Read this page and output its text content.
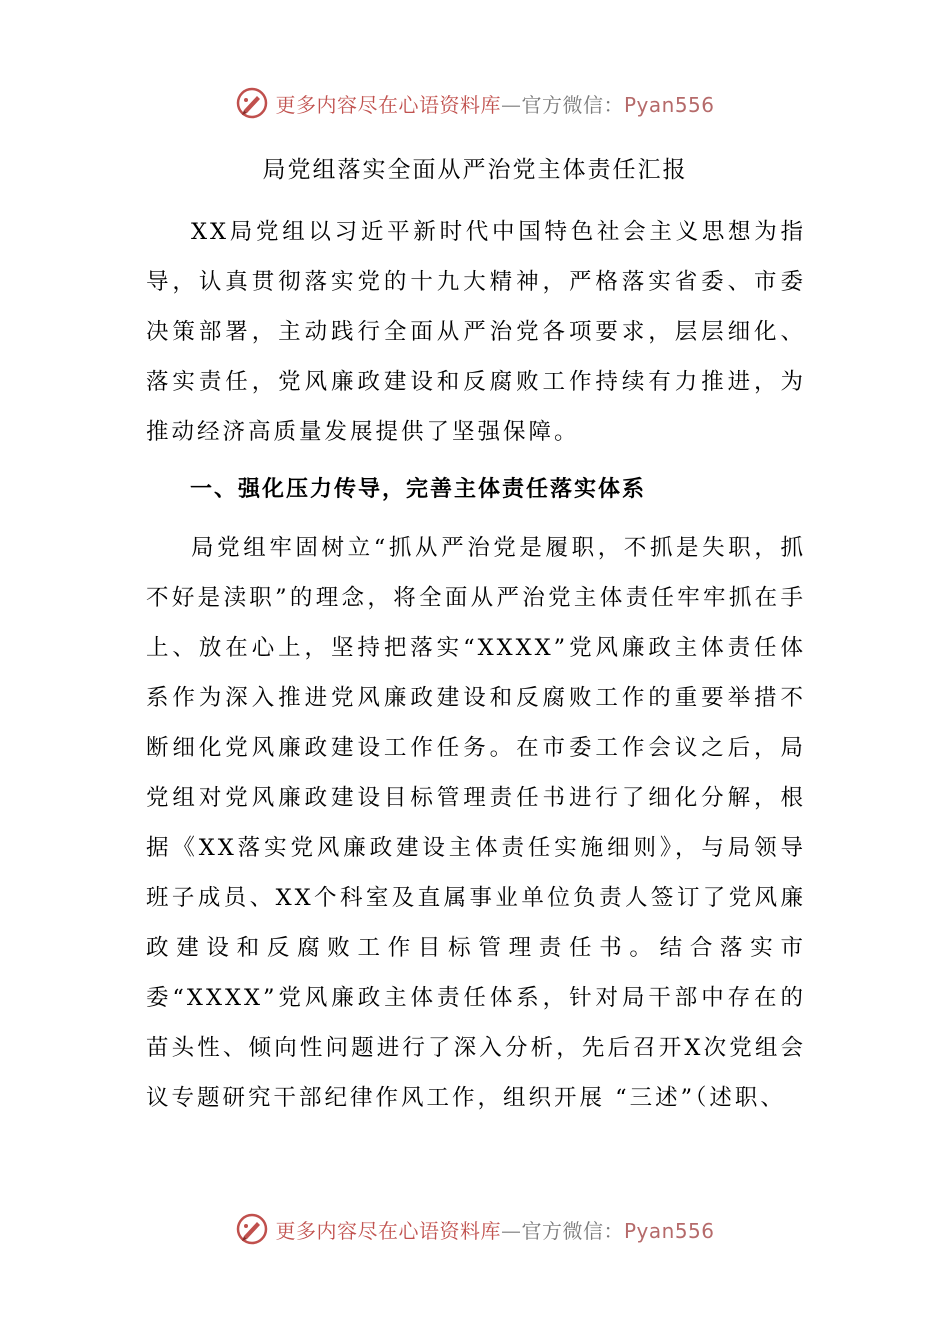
更多内容尽在心语资料库—官方微信：Pyan556
局党组落实全面从严治党主体责任汇报

XX局党组以习近平新时代中国特色社会主义思想为指导，认真贯彻落实党的十九大精神，严格落实省委、市委决策部署，主动践行全面从严治党各项要求，层层细化、落实责任，党风廉政建设和反腐败工作持续有力推进，为推动经济高质量发展提供了坚强保障。

一、强化压力传导，完善主体责任落实体系

局党组牢固树立“抓从严治党是履职，不抓是失职，抓不好是渎职”的理念，将全面从严治党主体责任牢牢抓在手上、放在心上，坚持把落实“XXXX”党风廉政主体责任体系作为深入推进党风廉政建设和反腐败工作的重要举措不断细化党风廉政建设工作任务。在市委工作会议之后，局党组对党风廉政建设目标管理责任书进行了细化分解，根据《XX落实党风廉政建设主体责任实施细则》，与局领导班子成员、XX个科室及直属事业单位负责人签订了党风廉政建设和反腐败工作目标管理责任书。结合落实市委“XXXX”党风廉政主体责任体系，针对局干部中存在的苗头性、倾向性问题进行了深入分析，先后召开X次党组会议专题研究干部纪律作风工作，组织开展 “三述”（述职、

更多内容尽在心语资料库—官方微信：Pyan556
